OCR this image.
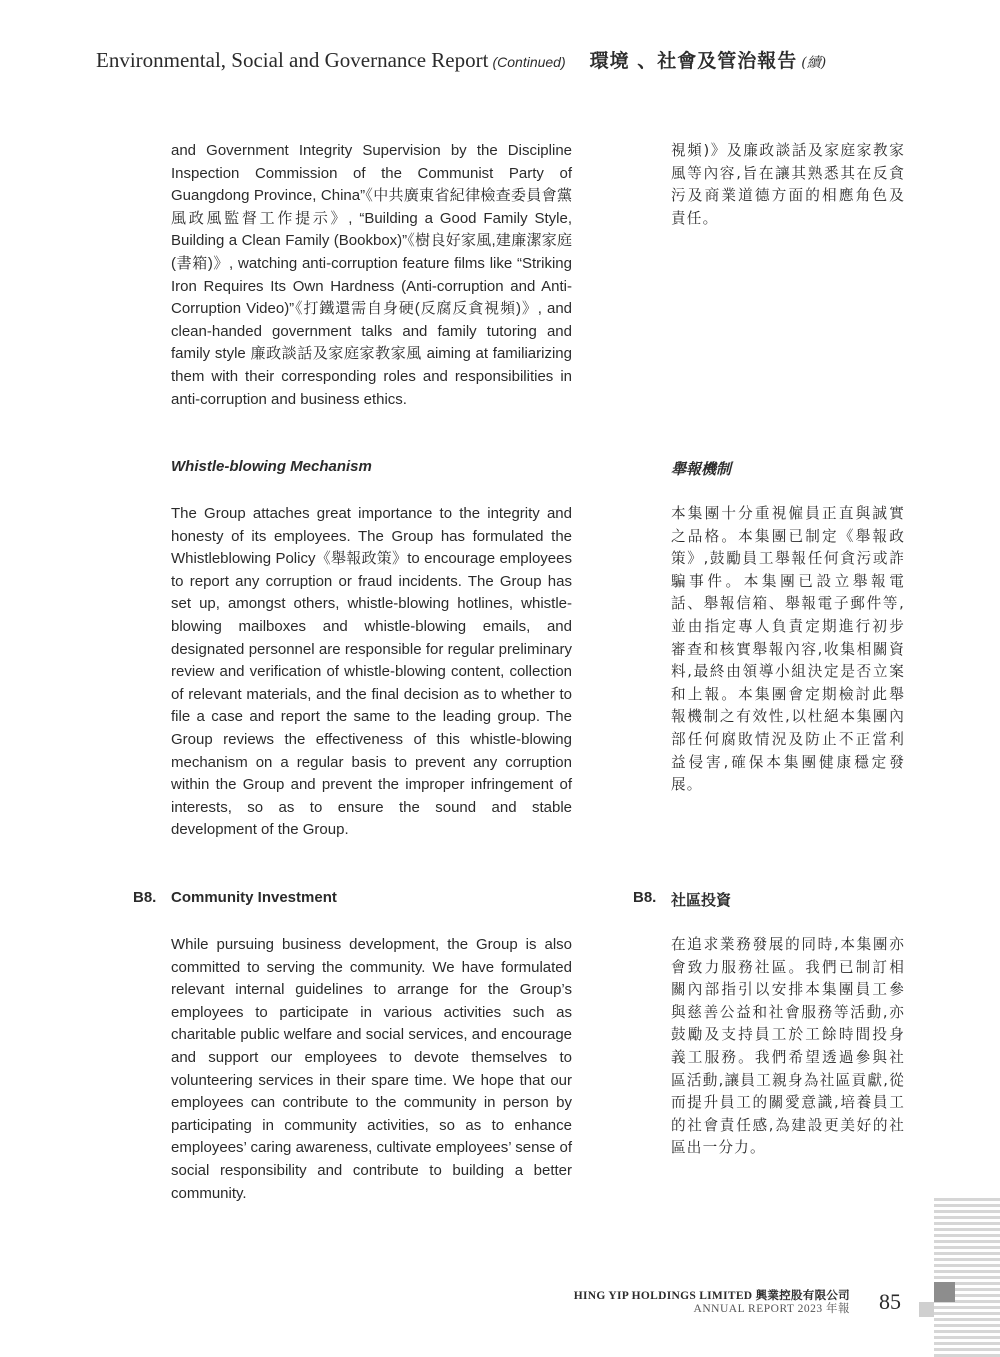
Environmental, Social and Governance Report (Continued) 環境 、社會及管治報告 (續)

and Government Integrity Supervision by the Discipline Inspection Commission of the Communist Party of Guangdong Province, China”《中共廣東省紀律檢查委員會黨風政風監督工作提示》, “Building a Good Family Style, Building a Clean Family (Bookbox)”《樹良好家風,建廉潔家庭(書箱)》, watching anti-corruption feature films like “Striking Iron Requires Its Own Hardness (Anti-corruption and Anti-Corruption Video)”《打鐵還需自身硬(反腐反貪視頻)》, and clean-handed government talks and family tutoring and family style 廉政談話及家庭家教家風 aiming at familiarizing them with their corresponding roles and responsibilities in anti-corruption and business ethics.

視頻)》及廉政談話及家庭家教家風等內容,旨在讓其熟悉其在反貪污及商業道德方面的相應角色及責任。

Whistle-blowing Mechanism	舉報機制

The Group attaches great importance to the integrity and honesty of its employees. The Group has formulated the Whistleblowing Policy《舉報政策》to encourage employees to report any corruption or fraud incidents. The Group has set up, amongst others, whistle-blowing hotlines, whistle-blowing mailboxes and whistle-blowing emails, and designated personnel are responsible for regular preliminary review and verification of whistle-blowing content, collection of relevant materials, and the final decision as to whether to file a case and report the same to the leading group. The Group reviews the effectiveness of this whistle-blowing mechanism on a regular basis to prevent any corruption within the Group and prevent the improper infringement of interests, so as to ensure the sound and stable development of the Group.

本集團十分重視僱員正直與誠實之品格。本集團已制定《舉報政策》,鼓勵員工舉報任何貪污或詐騙事件。本集團已設立舉報電話、舉報信箱、舉報電子郵件等,並由指定專人負責定期進行初步審查和核實舉報內容,收集相關資料,最終由領導小組決定是否立案和上報。本集團會定期檢討此舉報機制之有效性,以杜絕本集團內部任何腐敗情況及防止不正當利益侵害,確保本集團健康穩定發展。

B8. Community Investment	B8. 社區投資

While pursuing business development, the Group is also committed to serving the community. We have formulated relevant internal guidelines to arrange for the Group’s employees to participate in various activities such as charitable public welfare and social services, and encourage and support our employees to devote themselves to volunteering services in their spare time. We hope that our employees can contribute to the community in person by participating in community activities, so as to enhance employees’ caring awareness, cultivate employees’ sense of social responsibility and contribute to building a better community.

在追求業務發展的同時,本集團亦會致力服務社區。我們已制訂相關內部指引以安排本集團員工參與慈善公益和社會服務等活動,亦鼓勵及支持員工於工餘時間投身義工服務。我們希望透過參與社區活動,讓員工親身為社區貢獻,從而提升員工的關愛意識,培養員工的社會責任感,為建設更美好的社區出一分力。

HING YIP HOLDINGS LIMITED 興業控股有限公司
ANNUAL REPORT 2023 年報 85
